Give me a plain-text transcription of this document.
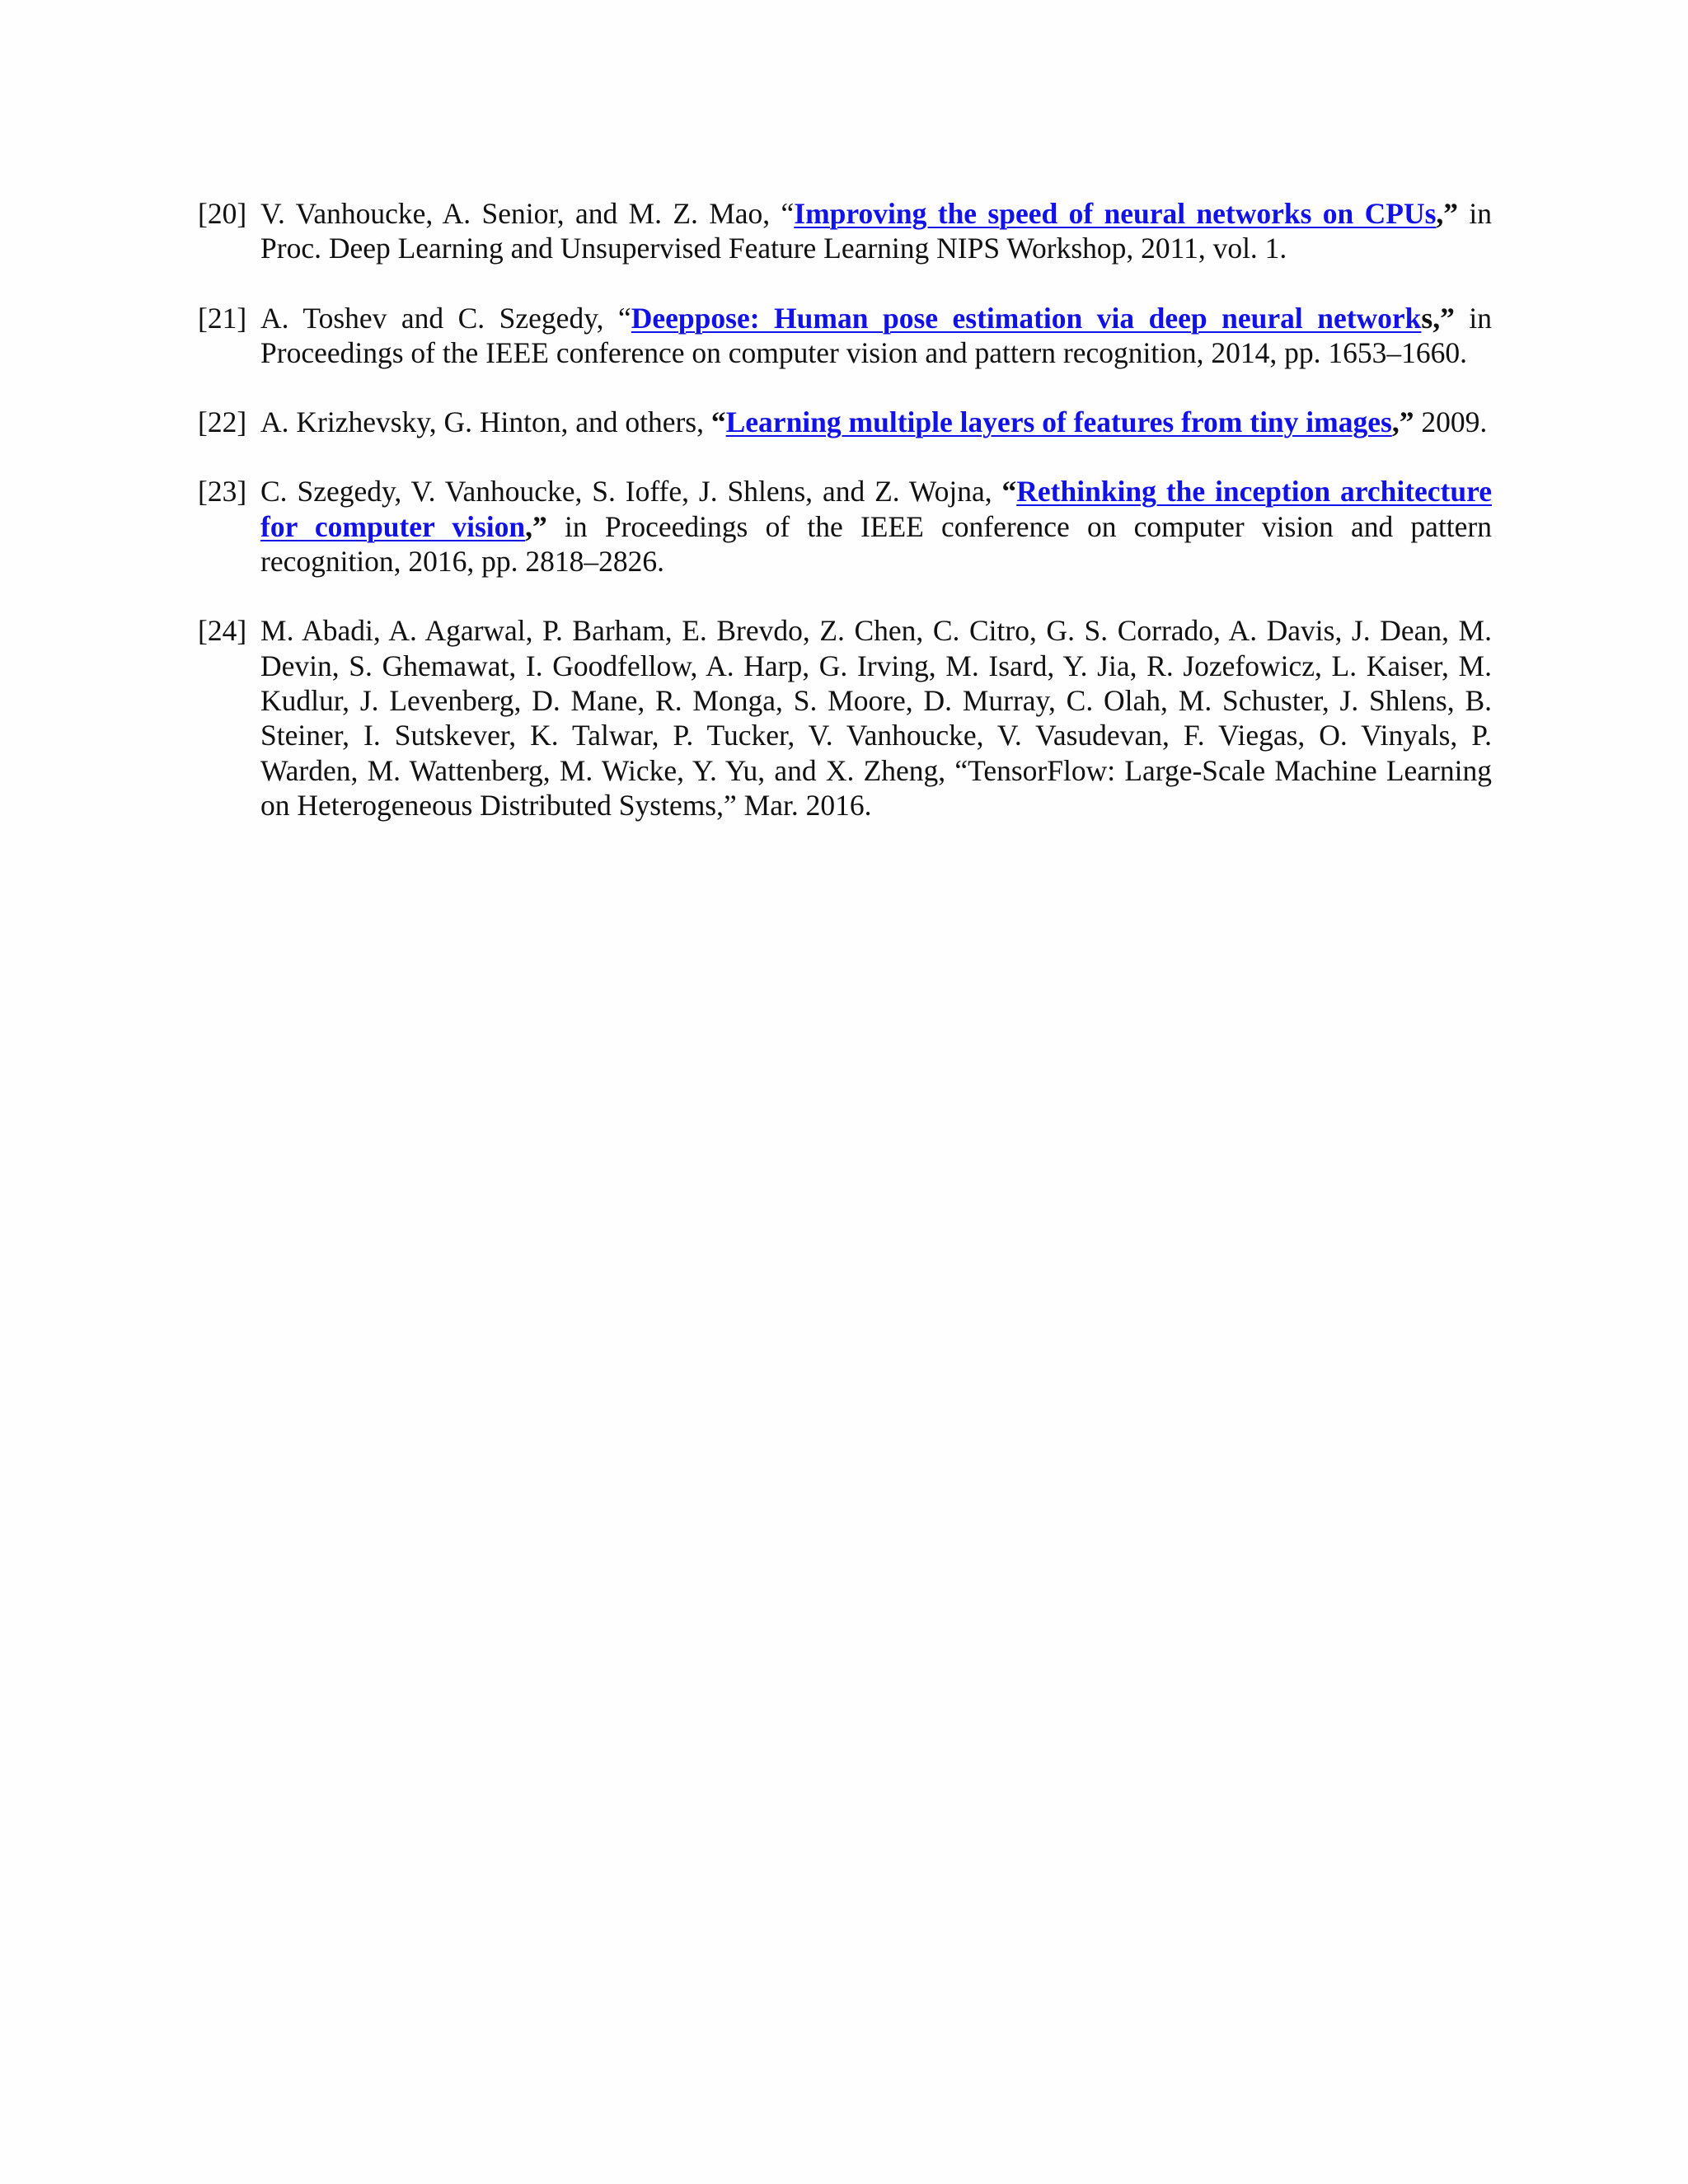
[20] V. Vanhoucke, A. Senior, and M. Z. Mao, “Improving the speed of neural networks on CPUs,” in Proc. Deep Learning and Unsupervised Feature Learning NIPS Workshop, 2011, vol. 1.
[21] A. Toshev and C. Szegedy, “Deeppose: Human pose estimation via deep neural networks,” in Proceedings of the IEEE conference on computer vision and pattern recognition, 2014, pp. 1653–1660.
[22] A. Krizhevsky, G. Hinton, and others, “Learning multiple layers of features from tiny images,” 2009.
[23] C. Szegedy, V. Vanhoucke, S. Ioffe, J. Shlens, and Z. Wojna, “Rethinking the inception architecture for computer vision,” in Proceedings of the IEEE conference on computer vision and pattern recognition, 2016, pp. 2818–2826.
[24] M. Abadi, A. Agarwal, P. Barham, E. Brevdo, Z. Chen, C. Citro, G. S. Corrado, A. Davis, J. Dean, M. Devin, S. Ghemawat, I. Goodfellow, A. Harp, G. Irving, M. Isard, Y. Jia, R. Jozefowicz, L. Kaiser, M. Kudlur, J. Levenberg, D. Mane, R. Monga, S. Moore, D. Murray, C. Olah, M. Schuster, J. Shlens, B. Steiner, I. Sutskever, K. Talwar, P. Tucker, V. Vanhoucke, V. Vasudevan, F. Viegas, O. Vinyals, P. Warden, M. Wattenberg, M. Wicke, Y. Yu, and X. Zheng, “TensorFlow: Large-Scale Machine Learning on Heterogeneous Distributed Systems,” Mar. 2016.
